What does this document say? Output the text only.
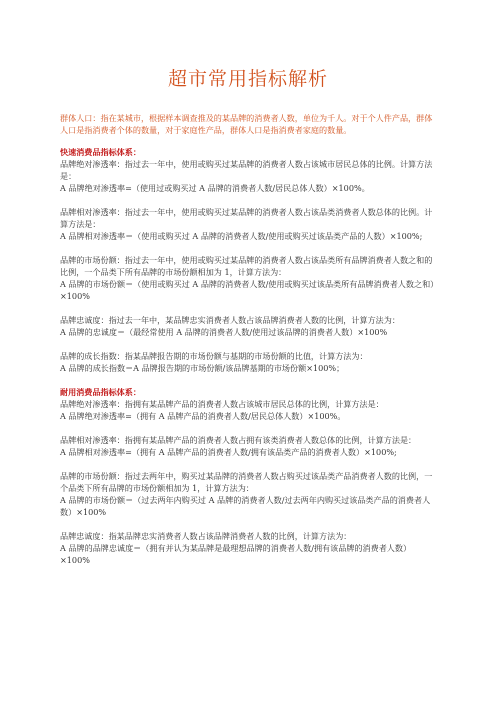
超市常用指标解析

群体人口：指在某城市，根据样本调查推及的某品牌的消费者人数，单位为千人。对于个人件产品，群体人口是指消费者个体的数量，对于家庭性产品，群体人口是指消费者家庭的数量。

快速消费品指标体系：

品牌绝对渗透率：指过去一年中，使用或购买过某品牌的消费者人数占该城市居民总体的比例。计算方法是：

A 品牌绝对渗透率=（使用过或购买过 A 品牌的消费者人数/居民总体人数）×100%。

品牌相对渗透率：指过去一年中，使用或购买过某品牌的消费者人数占该品类消费者人数总体的比例。计算方法是：

A 品牌相对渗透率＝（使用或购买过 A 品牌的消费者人数/使用或购买过该品类产品的人数）×100%;

品牌的市场份额：指过去一年中，使用或购买过某品牌的消费者人数占该品类所有品牌消费者人数之和的比例，一个品类下所有品牌的市场份额相加为 1，计算方法为：

A 品牌的市场份额＝（使用或购买过 A 品牌的消费者人数/使用或购买过该品类所有品牌消费者人数之和）×100%

品牌忠诚度：指过去一年中，某品牌忠实消费者人数占该品牌消费者人数的比例，计算方法为：

A 品牌的忠诚度＝（最经常使用 A 品牌的消费者人数/使用过该品牌的消费者人数）×100%

品牌的成长指数：指某品牌报告期的市场份额与基期的市场份额的比值，计算方法为：

A 品牌的成长指数＝A 品牌报告期的市场份额/该品牌基期的市场份额×100%；

耐用消费品指标体系：

品牌绝对渗透率：指拥有某品牌产品的消费者人数占该城市居民总体的比例，计算方法是：

A 品牌绝对渗透率=（拥有 A 品牌产品的消费者人数/居民总体人数）×100%。

品牌相对渗透率：指拥有某品牌产品的消费者人数占拥有该类消费者人数总体的比例，计算方法是：

A 品牌相对渗透率=（拥有 A 品牌产品的消费者人数/拥有该品类产品的消费者人数）×100%;

品牌的市场份额：指过去两年中，购买过某品牌的消费者人数占购买过该品类产品消费者人数的比例，一个品类下所有品牌的市场份额相加为 1，计算方法为：

A 品牌的市场份额＝（过去两年内购买过 A 品牌的消费者人数/过去两年内购买过该品类产品的消费者人数）×100%

品牌忠诚度：指某品牌忠实消费者人数占该品牌消费者人数的比例，计算方法为：

A 品牌的品牌忠诚度＝（拥有并认为某品牌是最理想品牌的消费者人数/拥有该品牌的消费者人数）×100%
